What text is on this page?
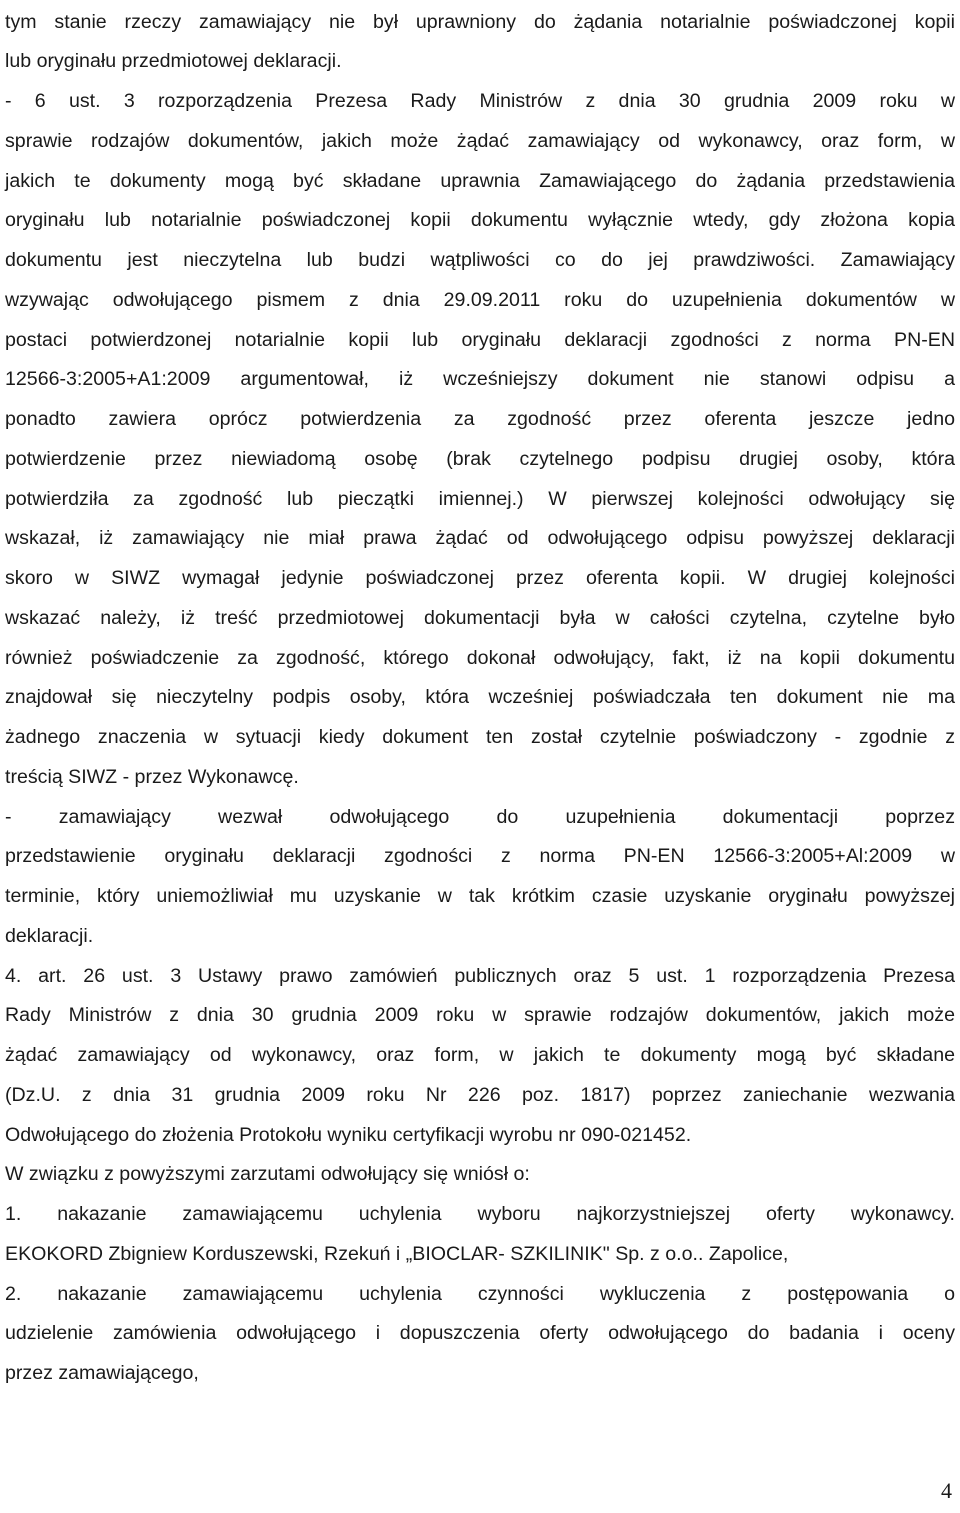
tym stanie rzeczy zamawiający nie był uprawniony do żądania notarialnie poświadczonej kopii
lub oryginału przedmiotowej deklaracji.
- 6 ust. 3 rozporządzenia Prezesa Rady Ministrów z dnia 30 grudnia 2009 roku w
sprawie rodzajów dokumentów, jakich może żądać zamawiający od wykonawcy, oraz form, w
jakich te dokumenty mogą być składane uprawnia Zamawiającego do żądania przedstawienia
oryginału lub notarialnie poświadczonej kopii dokumentu wyłącznie wtedy, gdy złożona kopia
dokumentu jest nieczytelna lub budzi wątpliwości co do jej prawdziwości. Zamawiający
wzywając odwołującego pismem z dnia 29.09.2011 roku do uzupełnienia dokumentów w
postaci potwierdzonej notarialnie kopii lub oryginału deklaracji zgodności z norma PN-EN
12566-3:2005+A1:2009 argumentował, iż wcześniejszy dokument nie stanowi odpisu a
ponadto zawiera oprócz potwierdzenia za zgodność przez oferenta jeszcze jedno
potwierdzenie przez niewiadomą osobę (brak czytelnego podpisu drugiej osoby, która
potwierdziła za zgodność lub pieczątki imiennej.) W pierwszej kolejności odwołujący się
wskazał, iż zamawiający nie miał prawa żądać od odwołującego odpisu powyższej deklaracji
skoro w SIWZ wymagał jedynie poświadczonej przez oferenta kopii. W drugiej kolejności
wskazać należy, iż treść przedmiotowej dokumentacji była w całości czytelna, czytelne było
również poświadczenie za zgodność, którego dokonał odwołujący, fakt, iż na kopii dokumentu
znajdował się nieczytelny podpis osoby, która wcześniej poświadczała ten dokument nie ma
żadnego znaczenia w sytuacji kiedy dokument ten został czytelnie poświadczony - zgodnie z
treścią SIWZ - przez Wykonawcę.
- zamawiający wezwał odwołującego do uzupełnienia dokumentacji poprzez
przedstawienie oryginału deklaracji zgodności z norma PN-EN 12566-3:2005+Al:2009 w
terminie, który uniemożliwiał mu uzyskanie w tak krótkim czasie uzyskanie oryginału powyższej
deklaracji.
4. art. 26 ust. 3 Ustawy prawo zamówień publicznych oraz 5 ust. 1 rozporządzenia Prezesa
Rady Ministrów z dnia 30 grudnia 2009 roku w sprawie rodzajów dokumentów, jakich może
żądać zamawiający od wykonawcy, oraz form, w jakich te dokumenty mogą być składane
(Dz.U. z dnia 31 grudnia 2009 roku Nr 226 poz. 1817) poprzez zaniechanie wezwania
Odwołującego do złożenia Protokołu wyniku certyfikacji wyrobu nr 090-021452.
W związku z powyższymi zarzutami odwołujący się wniósł o:
1. nakazanie zamawiającemu uchylenia wyboru najkorzystniejszej oferty wykonawcy.
EKOKORD Zbigniew Korduszewski, Rzekuń i „BIOCLAR- SZKILINIK" Sp. z o.o.. Zapolice,
2. nakazanie zamawiającemu uchylenia czynności wykluczenia z postępowania o
udzielenie zamówienia odwołującego i dopuszczenia oferty odwołującego do badania i oceny
przez zamawiającego,
4
